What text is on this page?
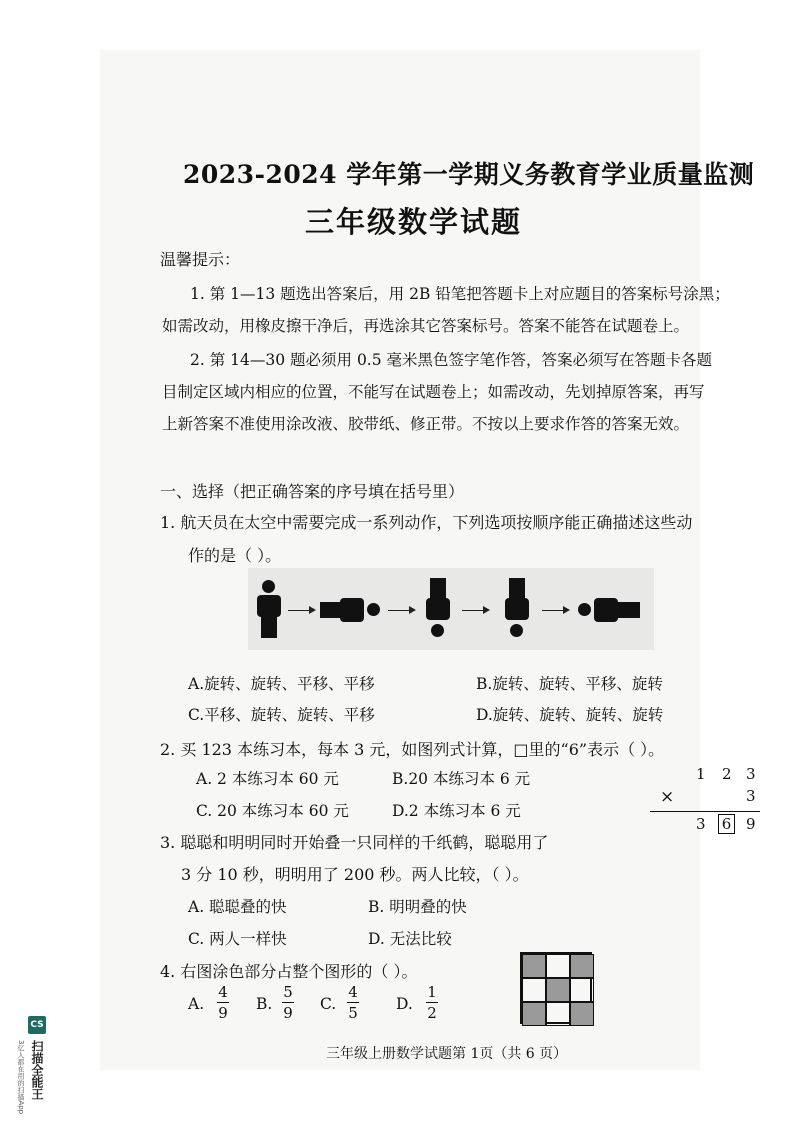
2023-2024 学年第一学期义务教育学业质量监测
三年级数学试题
温馨提示：
1. 第 1—13 题选出答案后，用 2B 铅笔把答题卡上对应题目的答案标号涂黑；
如需改动，用橡皮擦干净后，再选涂其它答案标号。答案不能答在试题卷上。
2. 第 14—30 题必须用 0.5 毫米黑色签字笔作答，答案必须写在答题卡各题
目制定区域内相应的位置，不能写在试题卷上；如需改动，先划掉原答案，再写
上新答案不准使用涂改液、胶带纸、修正带。不按以上要求作答的答案无效。
一、选择（把正确答案的序号填在括号里）
1. 航天员在太空中需要完成一系列动作，下列选项按顺序能正确描述这些动
作的是（ ）。
A.旋转、旋转、平移、平移	B.旋转、旋转、平移、旋转
C.平移、旋转、旋转、平移	D.旋转、旋转、旋转、旋转
2. 买 123 本练习本，每本 3 元，如图列式计算，□里的“6”表示（ ）。
A. 2 本练习本 60 元	B.20 本练习本 6 元
C. 20 本练习本 60 元	D.2 本练习本 6 元
1 2 3
×	3
3 6 9
3. 聪聪和明明同时开始叠一只同样的千纸鹤，聪聪用了
3 分 10 秒，明明用了 200 秒。两人比较，（ ）。
A. 聪聪叠的快	B. 明明叠的快
C. 两人一样快	D. 无法比较
4. 右图涂色部分占整个图形的（ ）。
A.
4
9 B.
5
9 C.
4
5 D.
1
2
三年级上册数学试题第 1页（共 6 页）
CS
扫描全能王
3亿人都在用的扫描App
